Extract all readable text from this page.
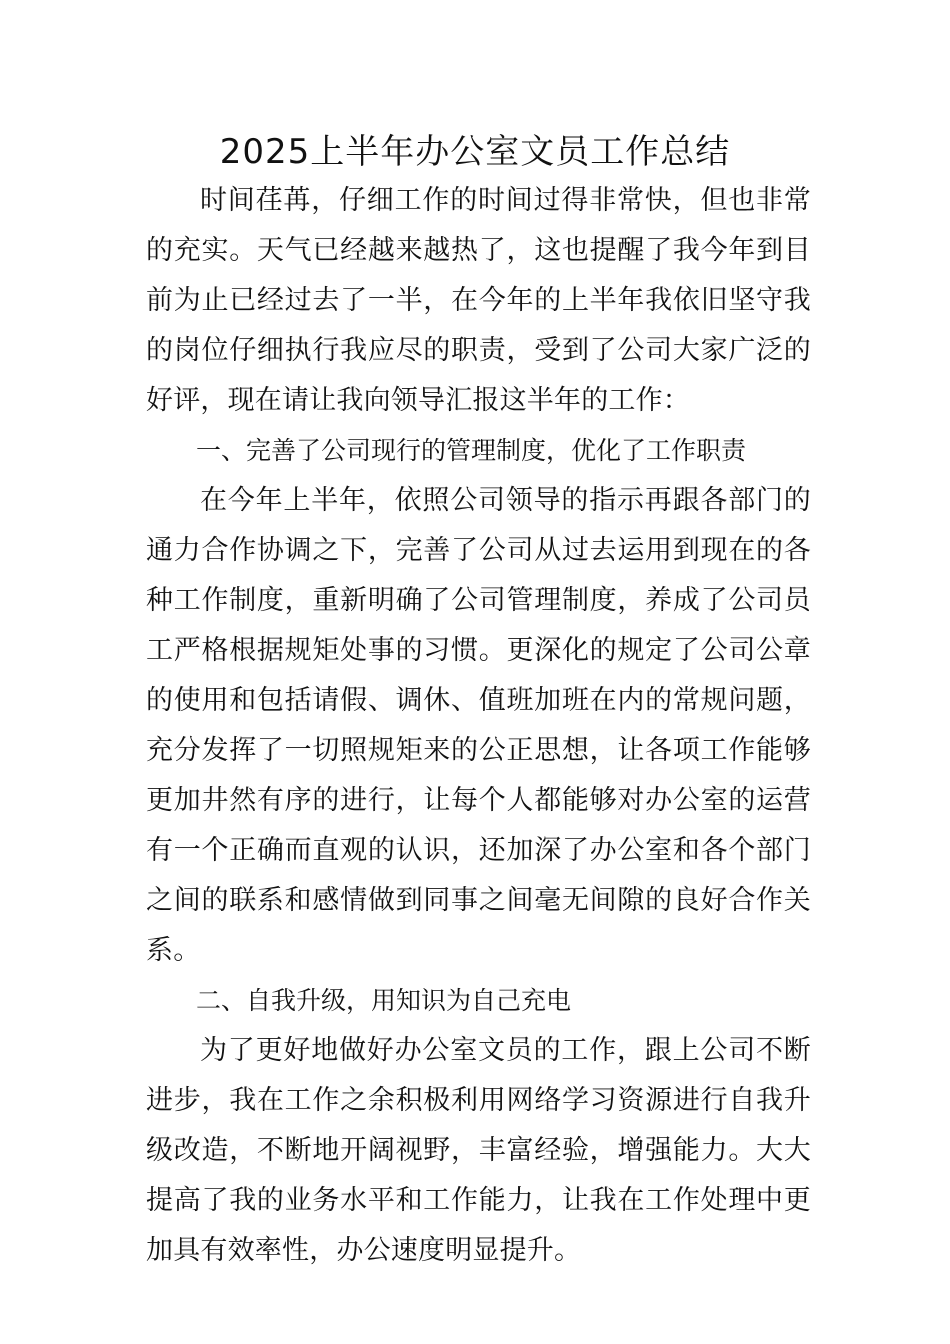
2025上半年办公室文员工作总结

时间荏苒，仔细工作的时间过得非常快，但也非常的充实。天气已经越来越热了，这也提醒了我今年到目前为止已经过去了一半，在今年的上半年我依旧坚守我的岗位仔细执行我应尽的职责，受到了公司大家广泛的好评，现在请让我向领导汇报这半年的工作：

一、完善了公司现行的管理制度，优化了工作职责

在今年上半年，依照公司领导的指示再跟各部门的通力合作协调之下，完善了公司从过去运用到现在的各种工作制度，重新明确了公司管理制度，养成了公司员工严格根据规矩处事的习惯。更深化的规定了公司公章的使用和包括请假、调休、值班加班在内的常规问题，充分发挥了一切照规矩来的公正思想，让各项工作能够更加井然有序的进行，让每个人都能够对办公室的运营有一个正确而直观的认识，还加深了办公室和各个部门之间的联系和感情做到同事之间毫无间隙的良好合作关系。

二、自我升级，用知识为自己充电

为了更好地做好办公室文员的工作，跟上公司不断进步，我在工作之余积极利用网络学习资源进行自我升级改造，不断地开阔视野，丰富经验，增强能力。大大提高了我的业务水平和工作能力，让我在工作处理中更加具有效率性，办公速度明显提升。
